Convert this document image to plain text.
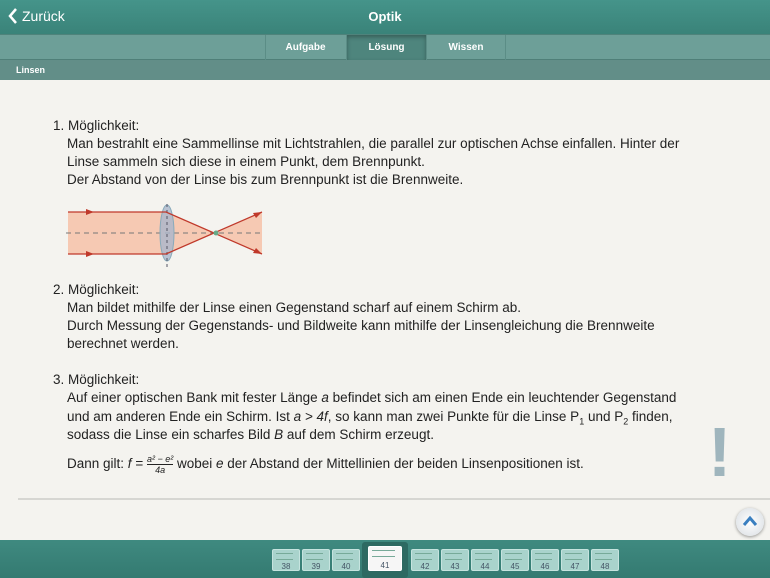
Zurück	Optik
Aufgabe	Lösung	Wissen
Linsen
1. Möglichkeit:
Man bestrahlt eine Sammellinse mit Lichtstrahlen, die parallel zur optischen Achse einfallen. Hinter der
Linse sammeln sich diese in einem Punkt, dem Brennpunkt.
Der Abstand von der Linse bis zum Brennpunkt ist die Brennweite.
2. Möglichkeit:
Man bildet mithilfe der Linse einen Gegenstand scharf auf einem Schirm ab.
Durch Messung der Gegenstands- und Bildweite kann mithilfe der Linsengleichung die Brennweite
berechnet werden.
3. Möglichkeit:
Auf einer optischen Bank mit fester Länge a befindet sich am einen Ende ein leuchtender Gegenstand
und am anderen Ende ein Schirm. Ist a > 4f, so kann man zwei Punkte für die Linse $P_1$ und $P_2$ finden,
sodass die Linse ein scharfes Bild B auf dem Schirm erzeugt.
Dann gilt: $f = \frac{\text{a² − e²}}{4a}$ wobei e der Abstand der Mittellinien der beiden Linsenpositionen ist. !
38	39	40	41	42	43	44	45	46	47	48
